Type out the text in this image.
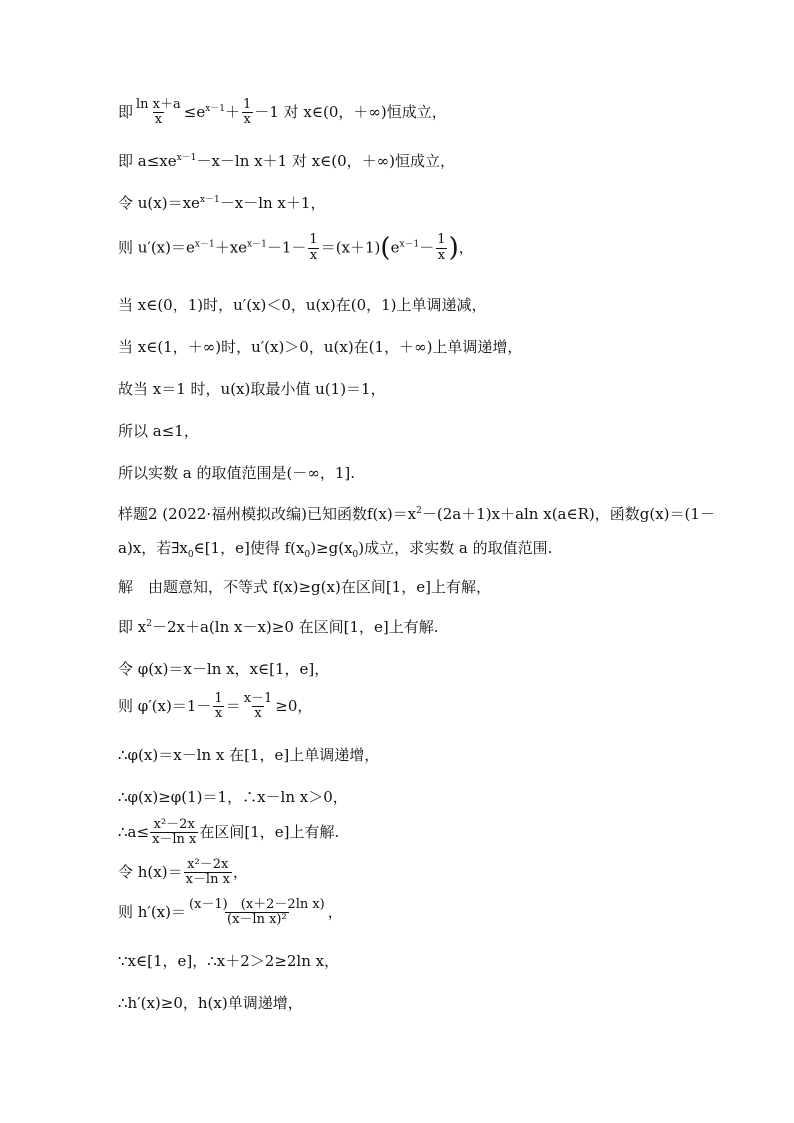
即 $\frac{\text{ln x＋a}}{x} \le e^{x-1}+ \frac{1}{x} -1$ 对 x∈(0，＋∞)恒成立，
即 $a\le xe^{x-1}-x-\ln$ x＋1 对 x∈(0，＋∞)恒成立，
令 $u(x)=xe^{x-1}-x-\ln$ x＋1，
则 $u'(x)=e^{x-1}+xe^{x-1}-1- \frac{1}{x} =(x+1)(e^{x-1}- \frac{1}{x}$ )，
当 x∈(0，1)时，u′(x)＜0，u(x)在(0，1)上单调递减，
当 x∈(1，＋∞)时，u′(x)＞0，u(x)在(1，＋∞)上单调递增，
故当 x＝1 时，u(x)取最小值 u(1)＝1，
所以 a≤1，
所以实数 a 的取值范围是(－∞，1].
样题2 (2022·福州模拟改编)已知函数$f(x)=x^2-(2a+1)x+aln$ x(a∈R)，函数g(x)＝(1－
a)x，若$\exists x_0\in[1$，e]使得 $f(x_0)\ge g(x_0)$成立，求实数 a 的取值范围.
解　由题意知，不等式 f(x)≥g(x)在区间[1，e]上有解，
即 $x^2-2x+a(\ln$ x－x)≥0 在区间[1，e]上有解.
令 φ(x)＝x－ln x，x∈[1，e]，
则 $\varphi'(x)=1- \frac{1}{x} = \frac{x-1}{x} \ge 0$，
∴φ(x)＝x－ln x 在[1，e]上单调递增，
∴φ(x)≥φ(1)＝1，∴x－ln x＞0，
∴a≤ $\frac{\text{x²－2x}}{\text{x－ln x}}$ 在区间[1，e]上有解.
令 $h(x)= \frac{\text{x²－2x}}{\text{x－ln x}}$ ，
则 $h'(x)= \frac{\text{(x－1)　(x＋2－2ln x)}}{\text{(x－ln x)²}}$ ，
∵x∈[1，e]，∴x＋2＞2≥2ln x，
∴h′(x)≥0，h(x)单调递增，
